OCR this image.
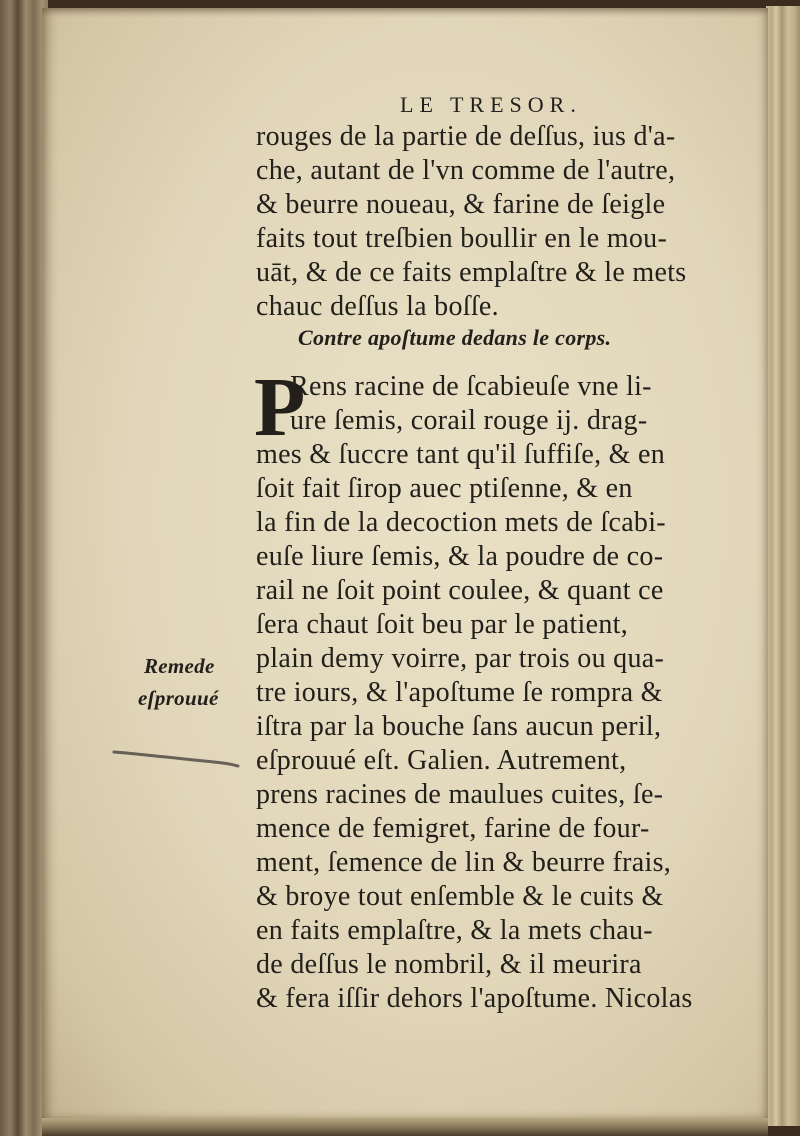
LE TRESOR.
rouges de la partie de deſſus, ius d'a-
che, autant de l'vn comme de l'autre,
& beurre noueau, & farine de ſeigle
faits tout treſbien boullir en le mou-
uāt, & de ce faits emplaſtre & le mets
chauc deſſus la boſſe.
Contre apoſtume dedans le corps.
P
Rens racine de ſcabieuſe vne li-
ure ſemis, corail rouge ij. drag-
mes & ſuccre tant qu'il ſuffiſe, & en
ſoit fait ſirop auec ptiſenne, & en
la fin de la decoction mets de ſcabi-
euſe liure ſemis, & la poudre de co-
rail ne ſoit point coulee, & quant ce
ſera chaut ſoit beu par le patient,
plain demy voirre, par trois ou qua-
tre iours, & l'apoſtume ſe rompra &
iſtra par la bouche ſans aucun peril,
eſprouué eſt. Galien. Autrement,
prens racines de maulues cuites, ſe-
mence de femigret, farine de four-
ment, ſemence de lin & beurre frais,
& broye tout enſemble & le cuits &
en faits emplaſtre, & la mets chau-
de deſſus le nombril, & il meurira
& fera iſſir dehors l'apoſtume. Nicolas
Remede
eſprouué
